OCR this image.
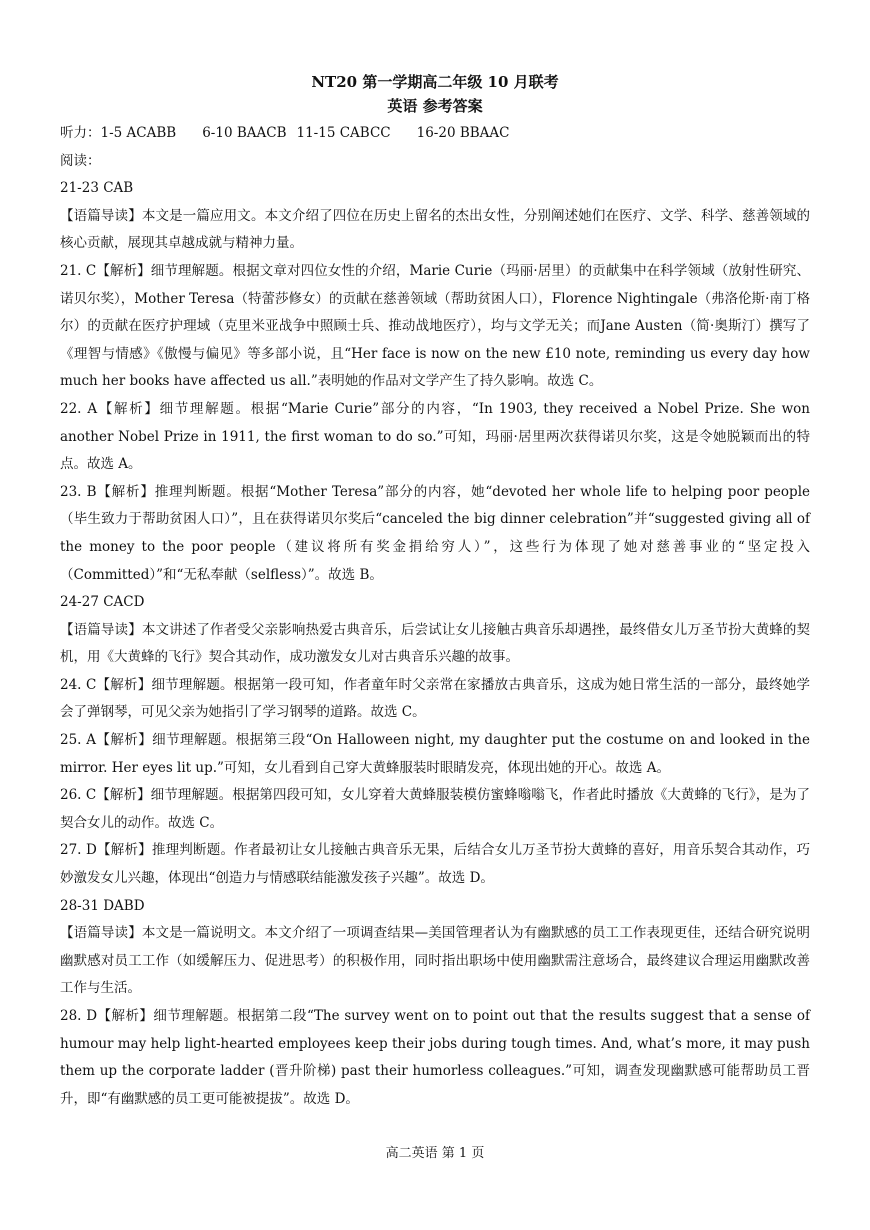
NT20 第一学期高二年级 10 月联考
英语 参考答案
听力：1-5 ACABB 6-10 BAACB 11-15 CABCC 16-20 BBAAC
阅读：
21-23 CAB
【语篇导读】本文是一篇应用文。本文介绍了四位在历史上留名的杰出女性，分别阐述她们在医疗、文学、科学、慈善领域的核心贡献，展现其卓越成就与精神力量。
21. C【解析】细节理解题。根据文章对四位女性的介绍，Marie Curie（玛丽·居里）的贡献集中在科学领域（放射性研究、诺贝尔奖），Mother Teresa（特蕾莎修女）的贡献在慈善领域（帮助贫困人口），Florence Nightingale（弗洛伦斯·南丁格尔）的贡献在医疗护理域（克里米亚战争中照顾士兵、推动战地医疗），均与文学无关；而Jane Austen（简·奥斯汀）撰写了《理智与情感》《傲慢与偏见》等多部小说，且“Her face is now on the new £10 note, reminding us every day how much her books have affected us all.”表明她的作品对文学产生了持久影响。故选 C。
22. A【解析】细节理解题。根据“Marie Curie”部分的内容，“In 1903, they received a Nobel Prize. She won another Nobel Prize in 1911, the first woman to do so.”可知，玛丽·居里两次获得诺贝尔奖，这是令她脱颖而出的特点。故选 A。
23. B【解析】推理判断题。根据“Mother Teresa”部分的内容，她“devoted her whole life to helping poor people（毕生致力于帮助贫困人口）”，且在获得诺贝尔奖后“canceled the big dinner celebration”并“suggested giving all of the money to the poor people（建议将所有奖金捐给穷人）”，这些行为体现了她对慈善事业的“坚定投入（Committed）”和“无私奉献（selfless）”。故选 B。
24-27 CACD
【语篇导读】本文讲述了作者受父亲影响热爱古典音乐，后尝试让女儿接触古典音乐却遇挫，最终借女儿万圣节扮大黄蜂的契机，用《大黄蜂的飞行》契合其动作，成功激发女儿对古典音乐兴趣的故事。
24. C【解析】细节理解题。根据第一段可知，作者童年时父亲常在家播放古典音乐，这成为她日常生活的一部分，最终她学会了弹钢琴，可见父亲为她指引了学习钢琴的道路。故选 C。
25. A【解析】细节理解题。根据第三段“On Halloween night, my daughter put the costume on and looked in the mirror. Her eyes lit up.”可知，女儿看到自己穿大黄蜂服装时眼睛发亮，体现出她的开心。故选 A。
26. C【解析】细节理解题。根据第四段可知，女儿穿着大黄蜂服装模仿蜜蜂嗡嗡飞，作者此时播放《大黄蜂的飞行》，是为了契合女儿的动作。故选 C。
27. D【解析】推理判断题。作者最初让女儿接触古典音乐无果，后结合女儿万圣节扮大黄蜂的喜好，用音乐契合其动作，巧妙激发女儿兴趣，体现出“创造力与情感联结能激发孩子兴趣”。故选 D。
28-31 DABD
【语篇导读】本文是一篇说明文。本文介绍了一项调查结果—美国管理者认为有幽默感的员工工作表现更佳，还结合研究说明幽默感对员工工作（如缓解压力、促进思考）的积极作用，同时指出职场中使用幽默需注意场合，最终建议合理运用幽默改善工作与生活。
28. D【解析】细节理解题。根据第二段“The survey went on to point out that the results suggest that a sense of humour may help light-hearted employees keep their jobs during tough times. And, what’s more, it may push them up the corporate ladder (晋升阶梯) past their humorless colleagues.”可知，调查发现幽默感可能帮助员工晋升，即“有幽默感的员工更可能被提拔”。故选 D。
高二英语 第 1 页
